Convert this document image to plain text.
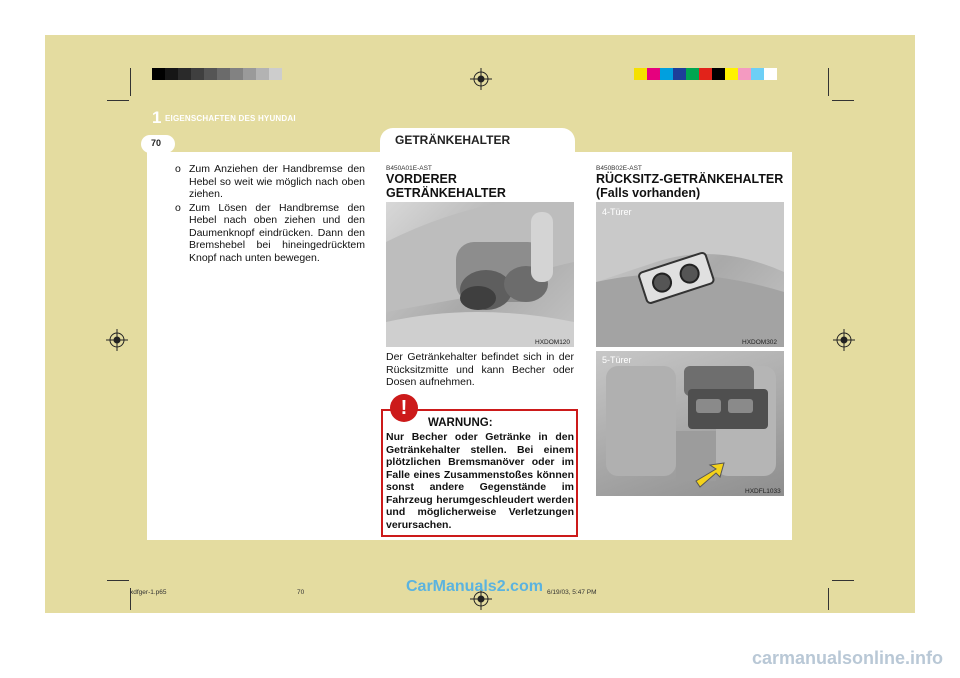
1 EIGENSCHAFTEN DES HYUNDAI
70	GETRÄNKEHALTER
o Zum Anziehen der Handbremse den Hebel so weit wie möglich nach oben ziehen.
o Zum Lösen der Handbremse den Hebel nach oben ziehen und den Daumenknopf eindrücken. Dann den Bremshebel bei hineingedrücktem Knopf nach unten bewegen.
B450A01E-AST
VORDERER
GETRÄNKEHALTER
HXDOM120
Der Getränkehalter befindet sich in der Rücksitzmitte und kann Becher oder Dosen aufnehmen.
!
WARNUNG:
Nur Becher oder Getränke in den Getränkehalter stellen. Bei einem plötzlichen Bremsmanöver oder im Falle eines Zusammenstoßes können sonst andere Gegenstände im Fahrzeug herumgeschleudert werden und möglicherweise Verletzungen verursachen.
B450B02E-AST
RÜCKSITZ-GETRÄNKEHALTER
(Falls vorhanden)
4-Türer
HXDOM302
5-Türer
HXDFL1033
xdfger-1.p65	70	6/19/03, 5:47 PM
CarManuals2.com
carmanualsonline.info
